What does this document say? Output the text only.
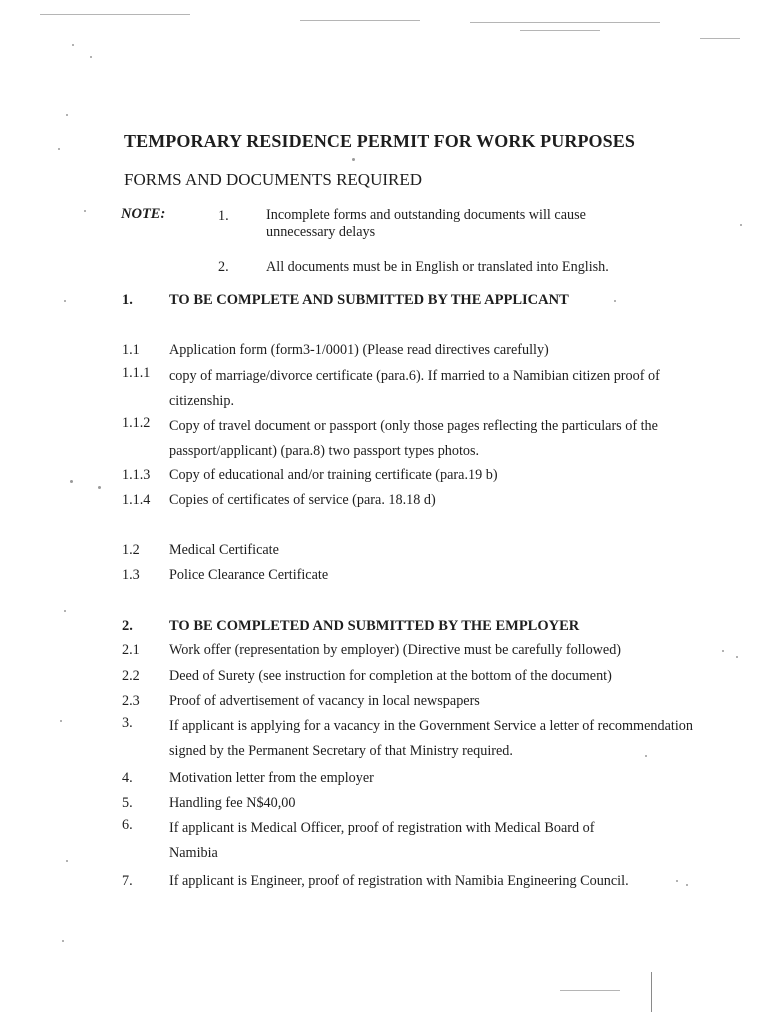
TEMPORARY RESIDENCE PERMIT FOR WORK PURPOSES
FORMS AND DOCUMENTS REQUIRED
NOTE:	1.	Incomplete forms and outstanding documents will cause unnecessary delays
2.	All documents must be in English or translated into English.
1. TO BE COMPLETE AND SUBMITTED BY THE APPLICANT
1.1 Application form (form3-1/0001) (Please read directives carefully)
1.1.1 copy of marriage/divorce certificate (para.6). If married to a Namibian citizen proof of citizenship.
1.1.2 Copy of travel document or passport (only those pages reflecting the particulars of the passport/applicant) (para.8) two passport types photos.
1.1.3 Copy of educational and/or training certificate (para.19 b)
1.1.4 Copies of certificates of service (para. 18.18 d)
1.2 Medical Certificate
1.3 Police Clearance Certificate
2. TO BE COMPLETED AND SUBMITTED BY THE EMPLOYER
2.1 Work offer (representation by employer) (Directive must be carefully followed)
2.2 Deed of Surety (see instruction for completion at the bottom of the document)
2.3 Proof of advertisement of vacancy in local newspapers
3.	If applicant is applying for a vacancy in the Government Service a letter of recommendation signed by the Permanent Secretary of that Ministry required.
4.	Motivation letter from the employer
5.	Handling fee N$40,00
6.	If applicant is Medical Officer, proof of registration with Medical Board of Namibia
7.	If applicant is Engineer, proof of registration with Namibia Engineering Council.
